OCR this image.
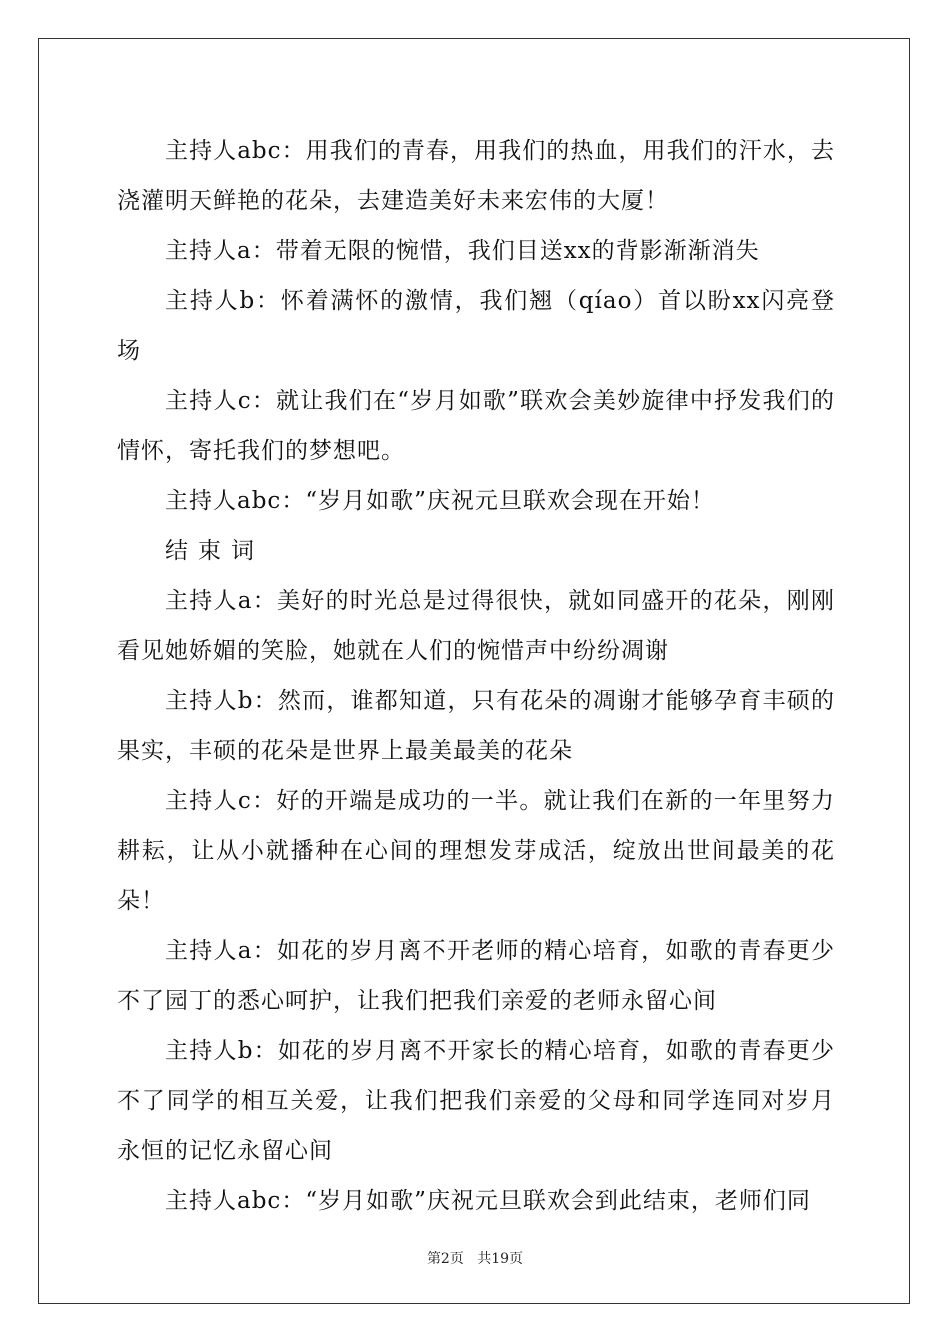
主持人abc：用我们的青春，用我们的热血，用我们的汗水，去浇灌明天鲜艳的花朵，去建造美好未来宏伟的大厦！

主持人a：带着无限的惋惜，我们目送xx的背影渐渐消失

主持人b：怀着满怀的激情，我们翘（qíao）首以盼xx闪亮登场

主持人c：就让我们在“岁月如歌”联欢会美妙旋律中抒发我们的情怀，寄托我们的梦想吧。

主持人abc：“岁月如歌”庆祝元旦联欢会现在开始！

结束词

主持人a：美好的时光总是过得很快，就如同盛开的花朵，刚刚看见她娇媚的笑脸，她就在人们的惋惜声中纷纷凋谢

主持人b：然而，谁都知道，只有花朵的凋谢才能够孕育丰硕的果实，丰硕的花朵是世界上最美最美的花朵

主持人c：好的开端是成功的一半。就让我们在新的一年里努力耕耘，让从小就播种在心间的理想发芽成活，绽放出世间最美的花朵！

主持人a：如花的岁月离不开老师的精心培育，如歌的青春更少不了园丁的悉心呵护，让我们把我们亲爱的老师永留心间

主持人b：如花的岁月离不开家长的精心培育，如歌的青春更少不了同学的相互关爱，让我们把我们亲爱的父母和同学连同对岁月永恒的记忆永留心间

主持人abc：“岁月如歌”庆祝元旦联欢会到此结束，老师们同

第2页 共19页
